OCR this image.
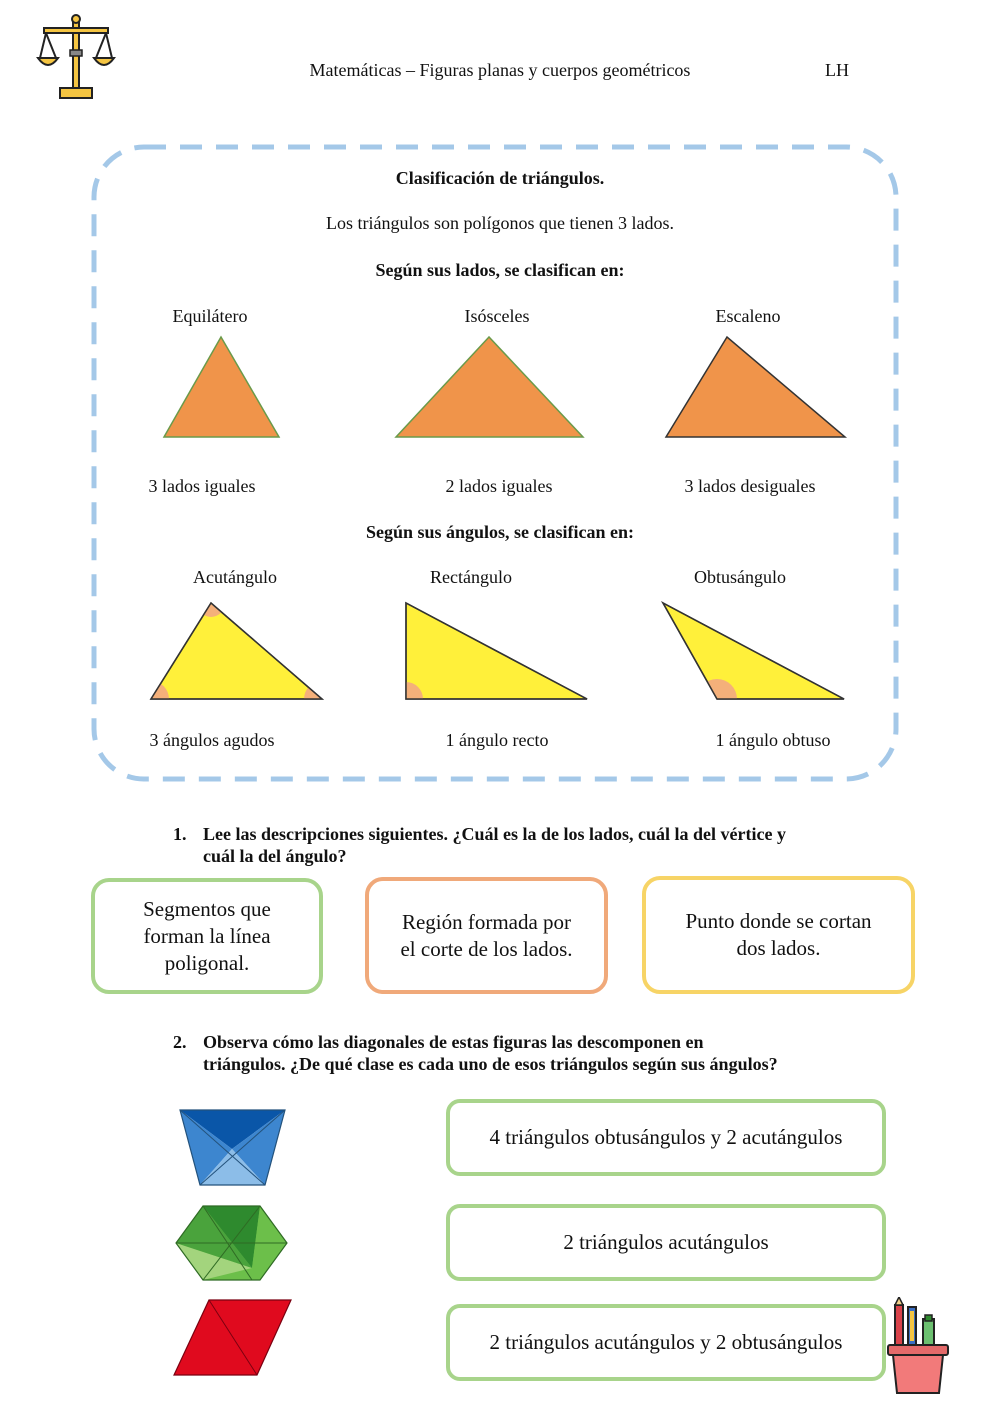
Matemáticas – Figuras planas y cuerpos geométricos	LH
Clasificación de triángulos.
Los triángulos son polígonos que tienen 3 lados.
Según sus lados, se clasifican en:
Equilátero	Isósceles	Escaleno
3 lados iguales	2 lados iguales	3 lados desiguales
Según sus ángulos, se clasifican en:
Acutángulo	Rectángulo	Obtusángulo
3 ángulos agudos	1 ángulo recto	1 ángulo obtuso
1. Lee las descripciones siguientes. ¿Cuál es la de los lados, cuál la del vértice y
cuál la del ángulo?
Segmentos que
forman la línea
poligonal.
Región formada por
el corte de los lados.
Punto donde se cortan
dos lados.
2. Observa cómo las diagonales de estas figuras las descomponen en
triángulos. ¿De qué clase es cada uno de esos triángulos según sus ángulos?
4 triángulos obtusángulos y 2 acutángulos
2 triángulos acutángulos
2 triángulos acutángulos y 2 obtusángulos
